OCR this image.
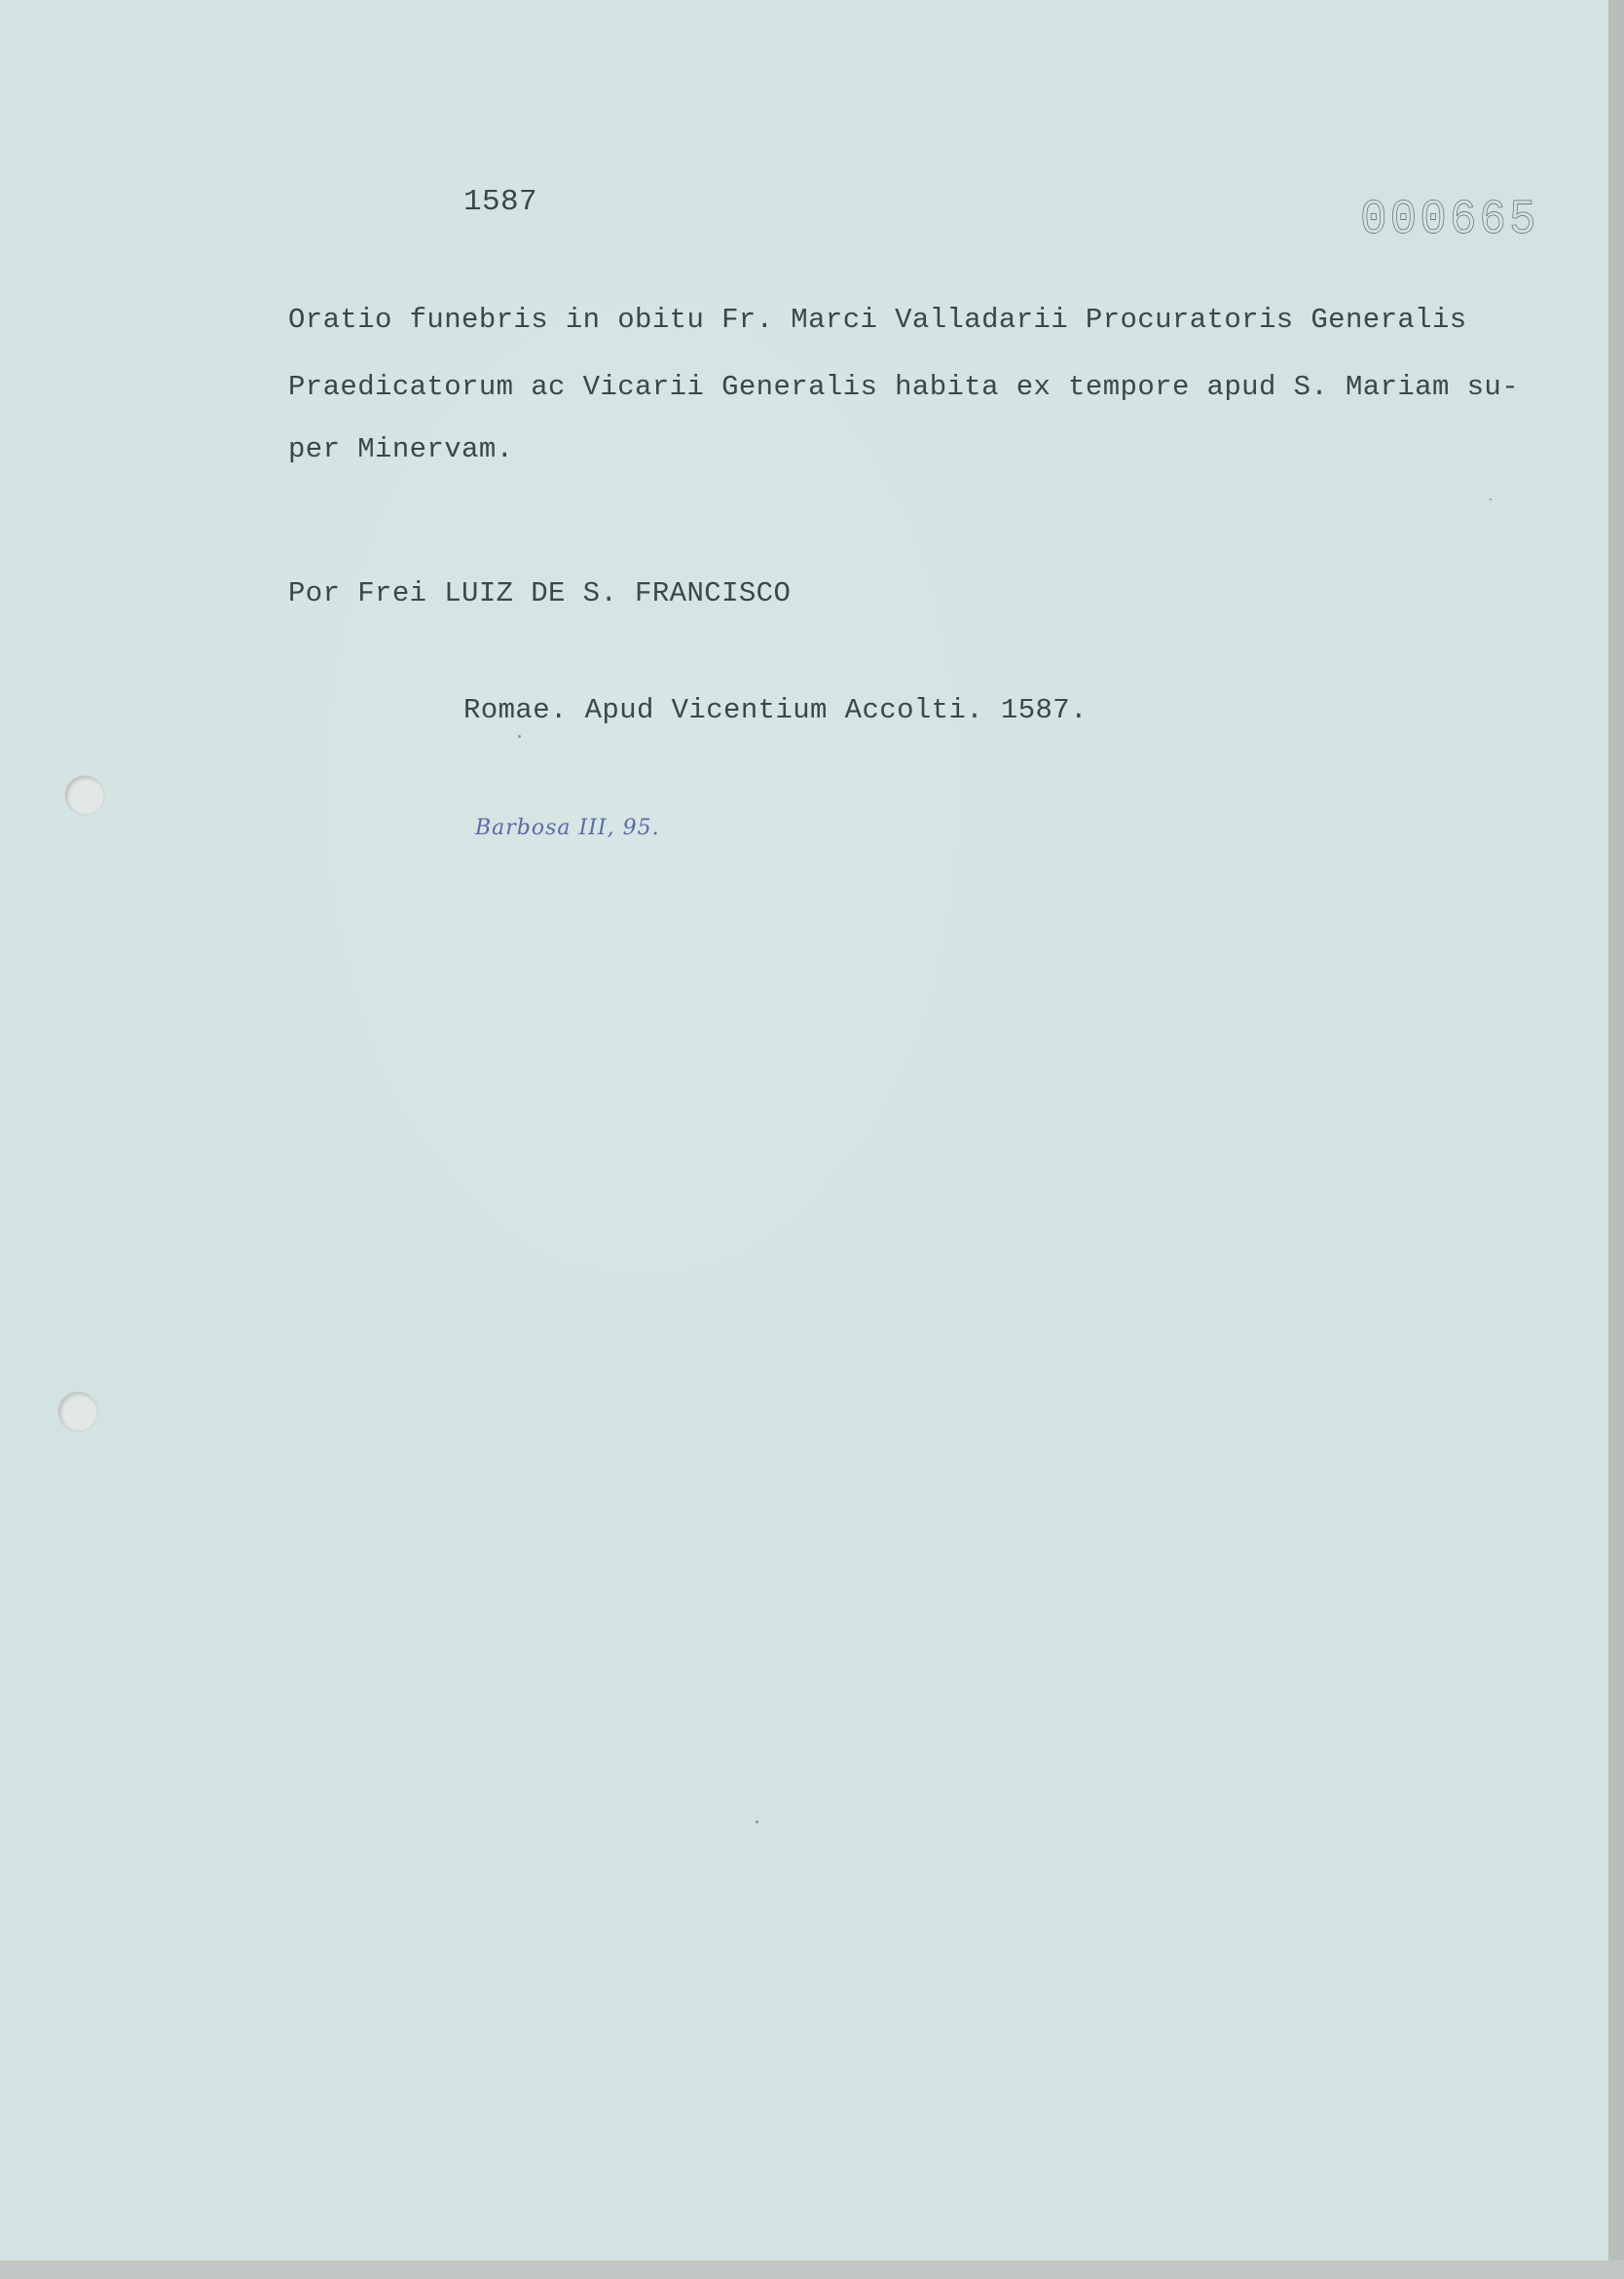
1587	000665
Oratio funebris in obitu Fr. Marci Valladarii Procuratoris Generalis
Praedicatorum ac Vicarii Generalis habita ex tempore apud S. Mariam su-
per Minervam.
Por Frei LUIZ DE S. FRANCISCO
Romae. Apud Vicentium Accolti. 1587.
Barbosa III, 95.
